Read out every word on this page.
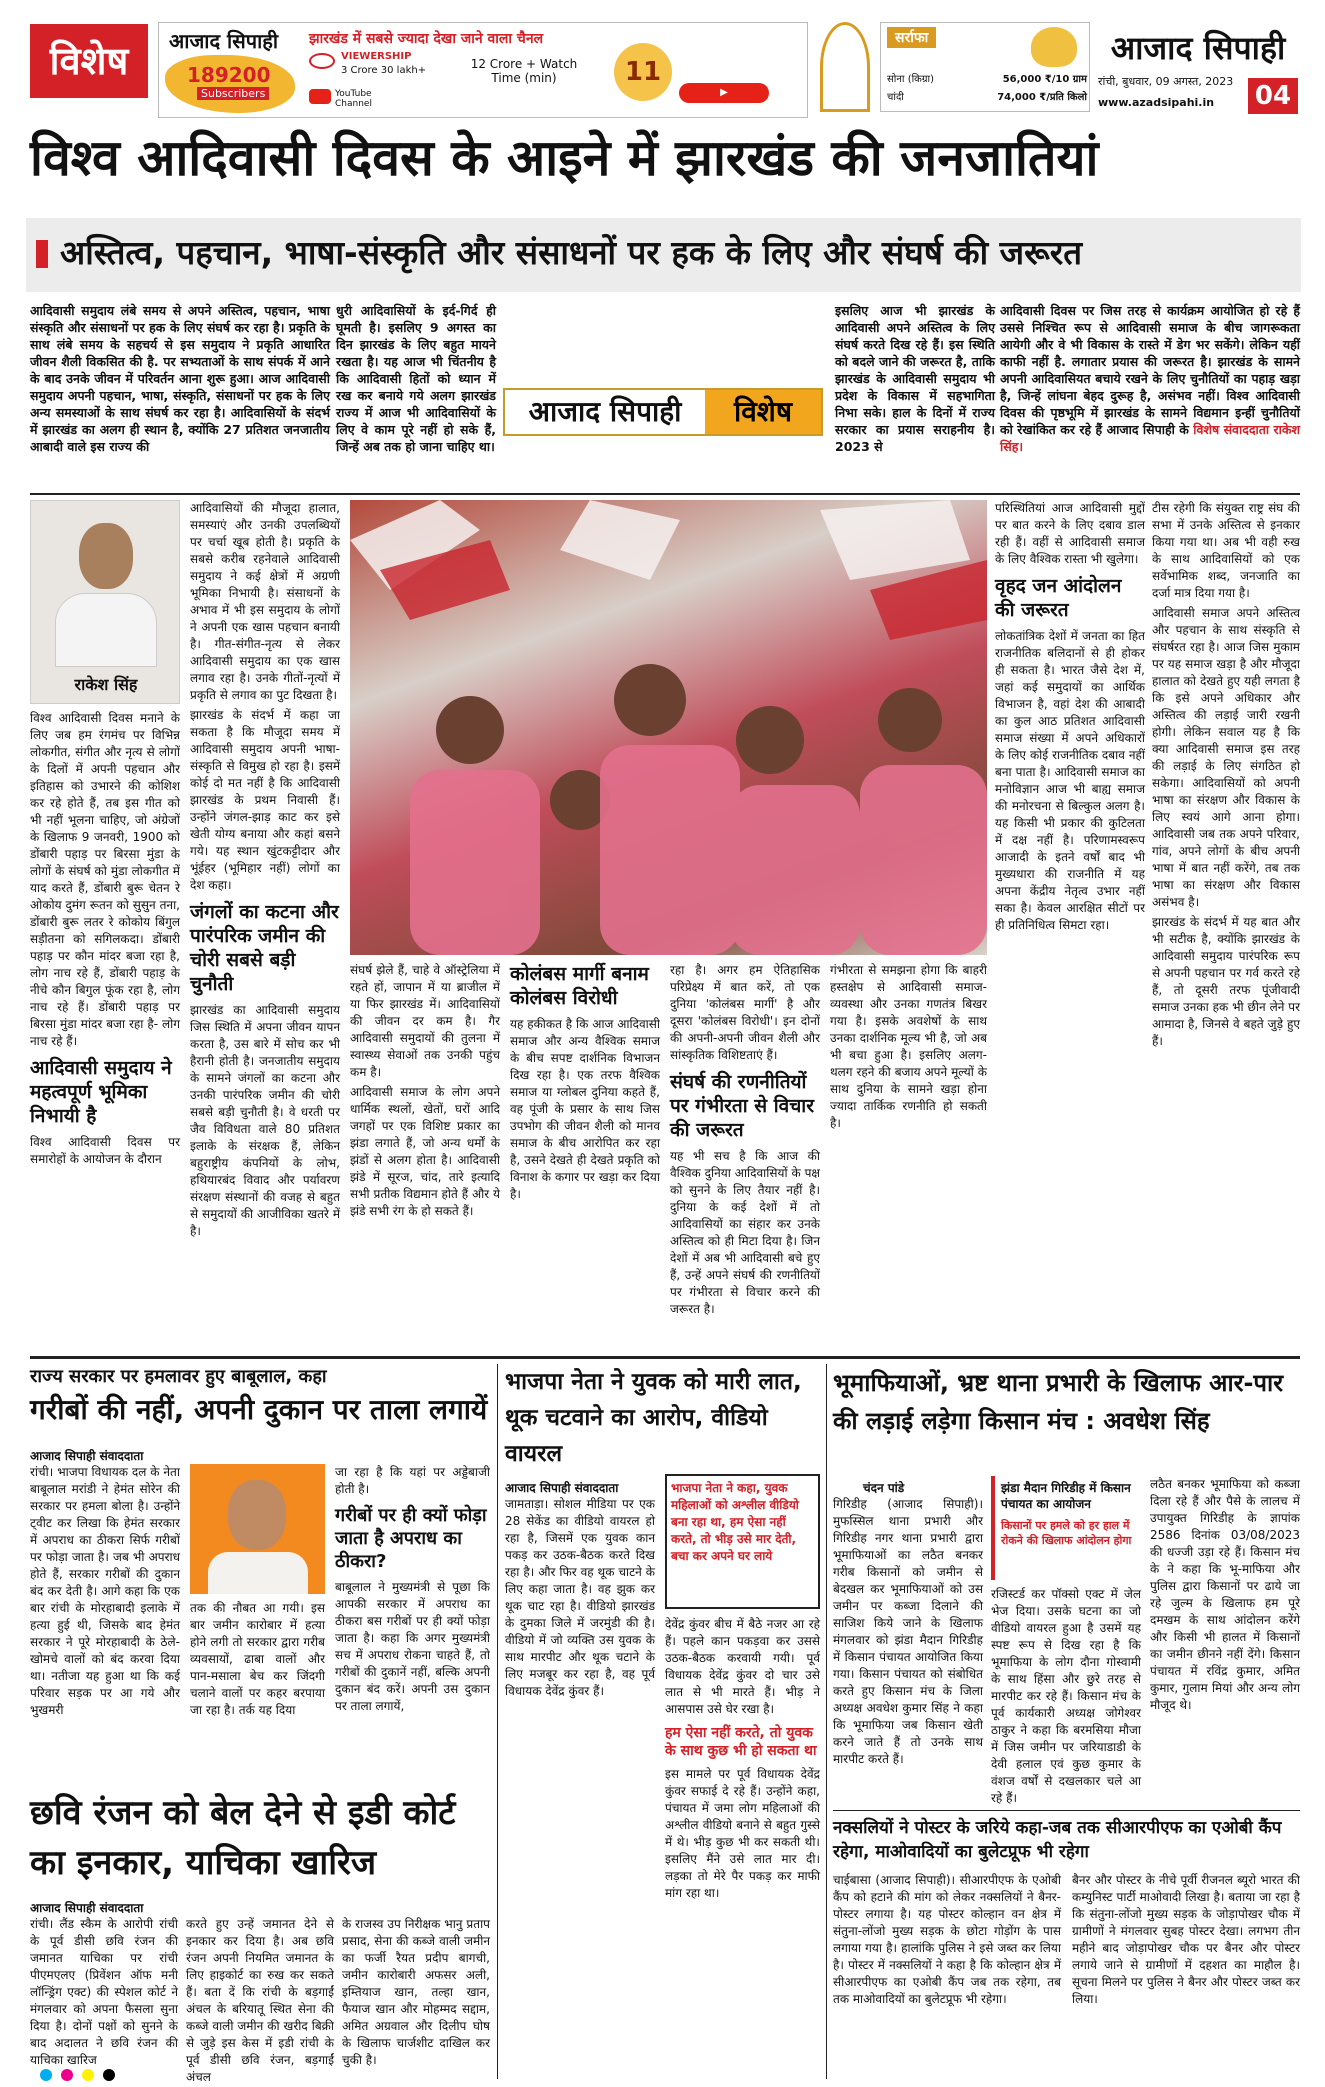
विशेष	आजाद सिपाही
189200
Subscribers
झारखंड में सबसे ज्यादा देखा जाने वाला चैनल
VIEWERSHIP
3 Crore 30 lakh+	12 Crore + Watch Time (min)
YouTube Channel
11
▶
सर्राफा
सोना (किग्रा)	56,000 ₹/10 ग्राम
चांदी	74,000 ₹/प्रति किलो
आजाद सिपाही
रांची, बुधवार, 09 अगस्त, 2023
www.azadsipahi.in	04
विश्व आदिवासी दिवस के आइने में झारखंड की जनजातियां
अस्तित्व, पहचान, भाषा-संस्कृति और संसाधनों पर हक के लिए और संघर्ष की जरूरत

आदिवासी समुदाय लंबे समय से अपने अस्तित्व, पहचान, भाषा संस्कृति और संसाधनों पर हक के लिए संघर्ष कर रहा है। प्रकृति के साथ लंबे समय के सहचर्य से इस समुदाय ने प्रकृति आधारित जीवन शैली विकसित की है. पर सभ्यताओं के साथ संपर्क में आने के बाद उनके जीवन में परिवर्तन आना शुरू हुआ। आज आदिवासी समुदाय अपनी पहचान, भाषा, संस्कृति, संसाधनों पर हक के लिए अन्य समस्याओं के साथ संघर्ष कर रहा है। आदिवासियों के संदर्भ में झारखंड का अलग ही स्थान है, क्योंकि 27 प्रतिशत जनजातीय आबादी वाले इस राज्य की

धुरी आदिवासियों के इर्द-गिर्द ही घूमती है। इसलिए 9 अगस्त का दिन झारखंड के लिए बहुत मायने रखता है। यह आज भी चिंतनीय है कि आदिवासी हितों को ध्यान में रख कर बनाये गये अलग झारखंड राज्य में आज भी आदिवासियों के लिए वे काम पूरे नहीं हो सके हैं, जिन्हें अब तक हो जाना चाहिए था।

आजाद सिपाही	विशेष

इसलिए आज भी झारखंड के आदिवासी अपने अस्तित्व के लिए संघर्ष करते दिख रहे हैं। इस स्थिति को बदले जाने की जरूरत है, ताकि झारखंड के आदिवासी समुदाय भी प्रदेश के विकास में सहभागिता निभा सके। हाल के दिनों में राज्य सरकार का प्रयास सराहनीय है। 2023 से

आदिवासी दिवस पर जिस तरह से कार्यक्रम आयोजित हो रहे हैं उससे निश्चित रूप से आदिवासी समाज के बीच जागरूकता आयेगी और वे भी विकास के रास्ते में डेग भर सकेंगे। लेकिन यहीं काफी नहीं है. लगातार प्रयास की जरूरत है। झारखंड के सामने अपनी आदिवासियत बचाये रखने के लिए चुनौतियों का पहाड़ खड़ा है, जिन्हें लांघना बेहद दुरूह है, असंभव नहीं। विश्व आदिवासी दिवस की पृष्ठभूमि में झारखंड के सामने विद्यमान इन्हीं चुनौतियों को रेखांकित कर रहे हैं आजाद सिपाही के विशेष संवाददाता राकेश सिंह।

राकेश सिंह

विश्व आदिवासी दिवस मनाने के लिए जब हम रंगमंच पर विभिन्न लोकगीत, संगीत और नृत्य से लोगों के दिलों में अपनी पहचान और इतिहास को उभारने की कोशिश कर रहे होते हैं, तब इस गीत को भी नहीं भूलना चाहिए, जो अंग्रेजों के खिलाफ 9 जनवरी, 1900 को डोंबारी पहाड़ पर बिरसा मुंडा के लोगों के संघर्ष को मुंडा लोकगीत में याद करते हैं, डोंबारी बुरू चेतन रे ओकोय दुमंग रूतन को सुसुन तना, डोंबारी बुरू लतर रे कोकोय बिंगुल सड़ीतना को सगिलकदा। डोंबारी पहाड़ पर कौन मांदर बजा रहा है, लोग नाच रहे हैं, डोंबारी पहाड़ के नीचे कौन बिगुल फूंक रहा है, लोग नाच रहे हैं। डोंबारी पहाड़ पर बिरसा मुंडा मांदर बजा रहा है- लोग नाच रहे हैं।

आदिवासी समुदाय ने महत्वपूर्ण भूमिका निभायी है

विश्व आदिवासी दिवस पर समारोहों के आयोजन के दौरान

आदिवासियों की मौजूदा हालात, समस्याएं और उनकी उपलब्धियों पर चर्चा खूब होती है। प्रकृति के सबसे करीब रहनेवाले आदिवासी समुदाय ने कई क्षेत्रों में अग्रणी भूमिका निभायी है। संसाधनों के अभाव में भी इस समुदाय के लोगों ने अपनी एक खास पहचान बनायी है। गीत-संगीत-नृत्य से लेकर आदिवासी समुदाय का एक खास लगाव रहा है। उनके गीतों-नृत्यों में प्रकृति से लगाव का पुट दिखता है।

झारखंड के संदर्भ में कहा जा सकता है कि मौजूदा समय में आदिवासी समुदाय अपनी भाषा-संस्कृति से विमुख हो रहा है। इसमें कोई दो मत नहीं है कि आदिवासी झारखंड के प्रथम निवासी हैं। उन्होंने जंगल-झाड़ काट कर इसे खेती योग्य बनाया और कहां बसने गये। यह स्थान खुंटकट्टीदार और भूंईहर (भूमिहार नहीं) लोगों का देश कहा।

जंगलों का कटना और पारंपरिक जमीन की चोरी सबसे बड़ी चुनौती

झारखंड का आदिवासी समुदाय जिस स्थिति में अपना जीवन यापन करता है, उस बारे में सोच कर भी हैरानी होती है। जनजातीय समुदाय के सामने जंगलों का कटना और उनकी पारंपरिक जमीन की चोरी सबसे बड़ी चुनौती है। वे धरती पर जैव विविधता वाले 80 प्रतिशत इलाके के संरक्षक हैं, लेकिन बहुराष्ट्रीय कंपनियों के लोभ, हथियारबंद विवाद और पर्यावरण संरक्षण संस्थानों की वजह से बहुत से समुदायों की आजीविका खतरे में है।

संघर्ष झेले हैं, चाहे वे ऑस्ट्रेलिया में रहते हों, जापान में या ब्राजील में या फिर झारखंड में। आदिवासियों की जीवन दर कम है। गैर आदिवासी समुदायों की तुलना में स्वास्थ्य सेवाओं तक उनकी पहुंच कम है।

आदिवासी समाज के लोग अपने धार्मिक स्थलों, खेतों, घरों आदि जगहों पर एक विशिष्ट प्रकार का झंडा लगाते हैं, जो अन्य धर्मों के झंडों से अलग होता है। आदिवासी झंडे में सूरज, चांद, तारे इत्यादि सभी प्रतीक विद्यमान होते हैं और ये झंडे सभी रंग के हो सकते हैं।

कोलंबस मार्गी बनाम कोलंबस विरोधी

यह हकीकत है कि आज आदिवासी समाज और अन्य वैश्विक समाज के बीच सपष्ट दार्शनिक विभाजन दिख रहा है। एक तरफ वैश्विक समाज या ग्लोबल दुनिया कहते हैं, वह पूंजी के प्रसार के साथ जिस उपभोग की जीवन शैली को मानव समाज के बीच आरोपित कर रहा है, उसने देखते ही देखते प्रकृति को विनाश के कगार पर खड़ा कर दिया है।

रहा है। अगर हम ऐतिहासिक परिप्रेक्ष्य में बात करें, तो एक दुनिया 'कोलंबस मार्गी' है और दूसरा 'कोलंबस विरोधी'। इन दोनों की अपनी-अपनी जीवन शैली और सांस्कृतिक विशिष्टताएं हैं।

संघर्ष की रणनीतियों पर गंभीरता से विचार की जरूरत

यह भी सच है कि आज की वैश्विक दुनिया आदिवासियों के पक्ष को सुनने के लिए तैयार नहीं है। दुनिया के कई देशों में तो आदिवासियों का संहार कर उनके अस्तित्व को ही मिटा दिया है। जिन देशों में अब भी आदिवासी बचे हुए हैं, उन्हें अपने संघर्ष की रणनीतियों पर गंभीरता से विचार करने की जरूरत है।

गंभीरता से समझना होगा कि बाहरी हस्तक्षेप से आदिवासी समाज-व्यवस्था और उनका गणतंत्र बिखर गया है। इसके अवशेषों के साथ उनका दार्शनिक मूल्य भी है, जो अब भी बचा हुआ है। इसलिए अलग-थलग रहने की बजाय अपने मूल्यों के साथ दुनिया के सामने खड़ा होना ज्यादा तार्किक रणनीति हो सकती है।

परिस्थितियां आज आदिवासी मुद्दों पर बात करने के लिए दबाव डाल रही हैं। वहीं से आदिवासी समाज के लिए वैश्विक रास्ता भी खुलेगा।

वृहद जन आंदोलन की जरूरत

लोकतांत्रिक देशों में जनता का हित राजनीतिक बलिदानों से ही होकर ही सकता है। भारत जैसे देश में, जहां कई समुदायों का आर्थिक विभाजन है, वहां देश की आबादी का कुल आठ प्रतिशत आदिवासी समाज संख्या में अपने अधिकारों के लिए कोई राजनीतिक दबाव नहीं बना पाता है। आदिवासी समाज का मनोविज्ञान आज भी बाह्य समाज की मनोरचना से बिल्कुल अलग है। यह किसी भी प्रकार की कुटिलता में दक्ष नहीं है। परिणामस्वरूप आजादी के इतने वर्षों बाद भी मुख्यधारा की राजनीति में यह अपना केंद्रीय नेतृत्व उभार नहीं सका है। केवल आरक्षित सीटों पर ही प्रतिनिधित्व सिमटा रहा।

टीस रहेगी कि संयुक्त राष्ट्र संघ की सभा में उनके अस्तित्व से इनकार किया गया था। अब भी वही रुख के साथ आदिवासियों को एक सर्वेभामिक शब्द, जनजाति का दर्जा मात्र दिया गया है।

आदिवासी समाज अपने अस्तित्व और पहचान के साथ संस्कृति से संघर्षरत रहा है। आज जिस मुकाम पर यह समाज खड़ा है और मौजूदा हालात को देखते हुए यही लगता है कि इसे अपने अधिकार और अस्तित्व की लड़ाई जारी रखनी होगी। लेकिन सवाल यह है कि क्या आदिवासी समाज इस तरह की लड़ाई के लिए संगठित हो सकेगा। आदिवासियों को अपनी भाषा का संरक्षण और विकास के लिए स्वयं आगे आना होगा। आदिवासी जब तक अपने परिवार, गांव, अपने लोगों के बीच अपनी भाषा में बात नहीं करेंगे, तब तक भाषा का संरक्षण और विकास असंभव है।

झारखंड के संदर्भ में यह बात और भी सटीक है, क्योंकि झारखंड के आदिवासी समुदाय पारंपरिक रूप से अपनी पहचान पर गर्व करते रहे हैं, तो दूसरी तरफ पूंजीवादी समाज उनका हक भी छीन लेने पर आमादा है, जिनसे वे बहते जुड़े हुए हैं।

राज्य सरकार पर हमलावर हुए बाबूलाल, कहा
गरीबों की नहीं, अपनी दुकान पर ताला लगायें
आजाद सिपाही संवाददाता

रांची। भाजपा विधायक दल के नेता बाबूलाल मरांडी ने हेमंत सोरेन की सरकार पर हमला बोला है। उन्होंने ट्वीट कर लिखा कि हेमंत सरकार में अपराध का ठीकरा सिर्फ गरीबों पर फोड़ा जाता है। जब भी अपराध होते हैं, सरकार गरीबों की दुकान बंद कर देती है। आगे कहा कि एक बार रांची के मोरहाबादी इलाके में हत्या हुई थी, जिसके बाद हेमंत सरकार ने पूरे मोरहाबादी के ठेले-खोमचे वालों को बंद करवा दिया था। नतीजा यह हुआ था कि कई परिवार सड़क पर आ गये और भुखमरी

तक की नौबत आ गयी। इस बार जमीन कारोबार में हत्या होने लगी तो सरकार द्वारा गरीब व्यवसायों, ढाबा वालों और पान-मसाला बेच कर जिंदगी चलाने वालों पर कहर बरपाया जा रहा है। तर्क यह दिया

जा रहा है कि यहां पर अड्डेबाजी होती है।

गरीबों पर ही क्यों फोड़ा जाता है अपराध का ठीकरा?

बाबूलाल ने मुख्यमंत्री से पूछा कि आपकी सरकार में अपराध का ठीकरा बस गरीबों पर ही क्यों फोड़ा जाता है। कहा कि अगर मुख्यमंत्री सच में अपराध रोकना चाहते हैं, तो गरीबों की दुकानें नहीं, बल्कि अपनी दुकान बंद करें। अपनी उस दुकान पर ताला लगायें,

छवि रंजन को बेल देने से इडी कोर्ट का इनकार, याचिका खारिज
आजाद सिपाही संवाददाता

रांची। लैंड स्कैम के आरोपी रांची के पूर्व डीसी छवि रंजन की जमानत याचिका पर रांची पीएमएलए (प्रिवेंशन ऑफ मनी लॉन्ड्रिंग एक्ट) की स्पेशल कोर्ट ने मंगलवार को अपना फैसला सुना दिया है। दोनों पक्षों को सुनने के बाद अदालत ने छवि रंजन की याचिका खारिज

करते हुए उन्हें जमानत देने से इनकार कर दिया है। अब छवि रंजन अपनी नियमित जमानत के लिए हाइकोर्ट का रुख कर सकते हैं। बता दें कि रांची के बड़गाईं अंचल के बरियातू स्थित सेना की कब्जे वाली जमीन की खरीद बिक्री से जुड़े इस केस में इडी रांची के पूर्व डीसी छवि रंजन, बड़गाईं अंचल

के राजस्व उप निरीक्षक भानु प्रताप प्रसाद, सेना की कब्जे वाली जमीन का फर्जी रैयत प्रदीप बागची, जमीन कारोबारी अफसर अली, इम्तियाज खान, तल्हा खान, फैयाज खान और मोहम्मद सद्दाम, अमित अग्रवाल और दिलीप घोष के खिलाफ चार्जशीट दाखिल कर चुकी है।

भाजपा नेता ने युवक को मारी लात, थूक चटवाने का आरोप, वीडियो वायरल
आजाद सिपाही संवाददाता

जामताड़ा। सोशल मीडिया पर एक 28 सेकेंड का वीडियो वायरल हो रहा है, जिसमें एक युवक कान पकड़ कर उठक-बैठक करते दिख रहा है। और फिर वह थूक चाटने के लिए कहा जाता है। वह झुक कर थूक चाट रहा है। वीडियो झारखंड के दुमका जिले में जरमुंडी की है। वीडियो में जो व्यक्ति उस युवक के साथ मारपीट और थूक चटाने के लिए मजबूर कर रहा है, वह पूर्व विधायक देवेंद्र कुंवर हैं।

भाजपा नेता ने कहा, युवक महिलाओं को अश्लील वीडियो बना रहा था, हम ऐसा नहीं करते, तो भीड़ उसे मार देती, बचा कर अपने घर लाये

देवेंद्र कुंवर बीच में बैठे नजर आ रहे हैं। पहले कान पकड़वा कर उससे उठक-बैठक करवायी गयी। पूर्व विधायक देवेंद्र कुंवर दो चार उसे लात से भी मारते हैं। भीड़ ने आसपास उसे घेर रखा है।

हम ऐसा नहीं करते, तो युवक के साथ कुछ भी हो सकता था

इस मामले पर पूर्व विधायक देवेंद्र कुंवर सफाई दे रहे हैं। उन्होंने कहा, पंचायत में जमा लोग महिलाओं की अश्लील वीडियो बनाने से बहुत गुस्से में थे। भीड़ कुछ भी कर सकती थी। इसलिए मैंने उसे लात मार दी। लड़का तो मेरे पैर पकड़ कर माफी मांग रहा था।

भूमाफियाओं, भ्रष्ट थाना प्रभारी के खिलाफ आर-पार की लड़ाई लड़ेगा किसान मंच : अवधेश सिंह
चंदन पांडे

गिरिडीह (आजाद सिपाही)। मुफस्सिल थाना प्रभारी और गिरिडीह नगर थाना प्रभारी द्वारा भूमाफियाओं का लठैत बनकर गरीब किसानों को जमीन से बेदखल कर भूमाफियाओं को उस जमीन पर कब्जा दिलाने की साजिश किये जाने के खिलाफ मंगलवार को झंडा मैदान गिरिडीह में किसान पंचायत आयोजित किया गया। किसान पंचायत को संबोधित करते हुए किसान मंच के जिला अध्यक्ष अवधेश कुमार सिंह ने कहा कि भूमाफिया जब किसान खेती करने जाते हैं तो उनके साथ मारपीट करते हैं।

झंडा मैदान गिरिडीह में किसान पंचायत का आयोजन
किसानों पर हमले को हर हाल में रोकने की खिलाफ आंदोलन होगा

रजिस्टर्ड कर पॉक्सो एक्ट में जेल भेज दिया। उसके घटना का जो वीडियो वायरल हुआ है उसमें यह स्पष्ट रूप से दिख रहा है कि भूमाफिया के लोग दौना गोस्वामी के साथ हिंसा और छुरे तरह से मारपीट कर रहे हैं। किसान मंच के पूर्व कार्यकारी अध्यक्ष जोगेश्वर ठाकुर ने कहा कि बरमसिया मौजा में जिस जमीन पर जरियाडाडी के देवी हलाल एवं कुछ कुमार के वंशज वर्षों से दखलकार चले आ रहे हैं।

लठैत बनकर भूमाफिया को कब्जा दिला रहे हैं और पैसे के लालच में उपायुक्त गिरिडीह के ज्ञापांक 2586 दिनांक 03/08/2023 की धज्जी उड़ा रहे हैं। किसान मंच के ने कहा कि भू-माफिया और पुलिस द्वारा किसानों पर ढाये जा रहे जुल्म के खिलाफ हम पूरे दमखम के साथ आंदोलन करेंगे और किसी भी हालत में किसानों का जमीन छीनने नहीं देंगे। किसान पंचायत में रविंद्र कुमार, अमित कुमार, गुलाम मियां और अन्य लोग मौजूद थे।

नक्सलियों ने पोस्टर के जरिये कहा-जब तक सीआरपीएफ का एओबी कैंप रहेगा, माओवादियों का बुलेटप्रूफ भी रहेगा

चाईबासा (आजाद सिपाही)। सीआरपीएफ के एओबी कैंप को हटाने की मांग को लेकर नक्सलियों ने बैनर-पोस्टर लगाया है। यह पोस्टर कोल्हान वन क्षेत्र में संतुना-लोंजो मुख्य सड़क के छोटा गोड़ोंग के पास लगाया गया है। हालांकि पुलिस ने इसे जब्त कर लिया है। पोस्टर में नक्सलियों ने कहा है कि कोल्हान क्षेत्र में सीआरपीएफ का एओबी कैंप जब तक रहेगा, तब तक माओवादियों का बुलेटप्रूफ भी रहेगा।

बैनर और पोस्टर के नीचे पूर्वी रीजनल ब्यूरो भारत की कम्युनिस्ट पार्टी माओवादी लिखा है। बताया जा रहा है कि संतुना-लोंजो मुख्य सड़क के जोड़ापोखर चौक में ग्रामीणों ने मंगलवार सुबह पोस्टर देखा। लगभग तीन महीने बाद जोड़ापोखर चौक पर बैनर और पोस्टर लगाये जाने से ग्रामीणों में दहशत का माहौल है। सूचना मिलने पर पुलिस ने बैनर और पोस्टर जब्त कर लिया।
